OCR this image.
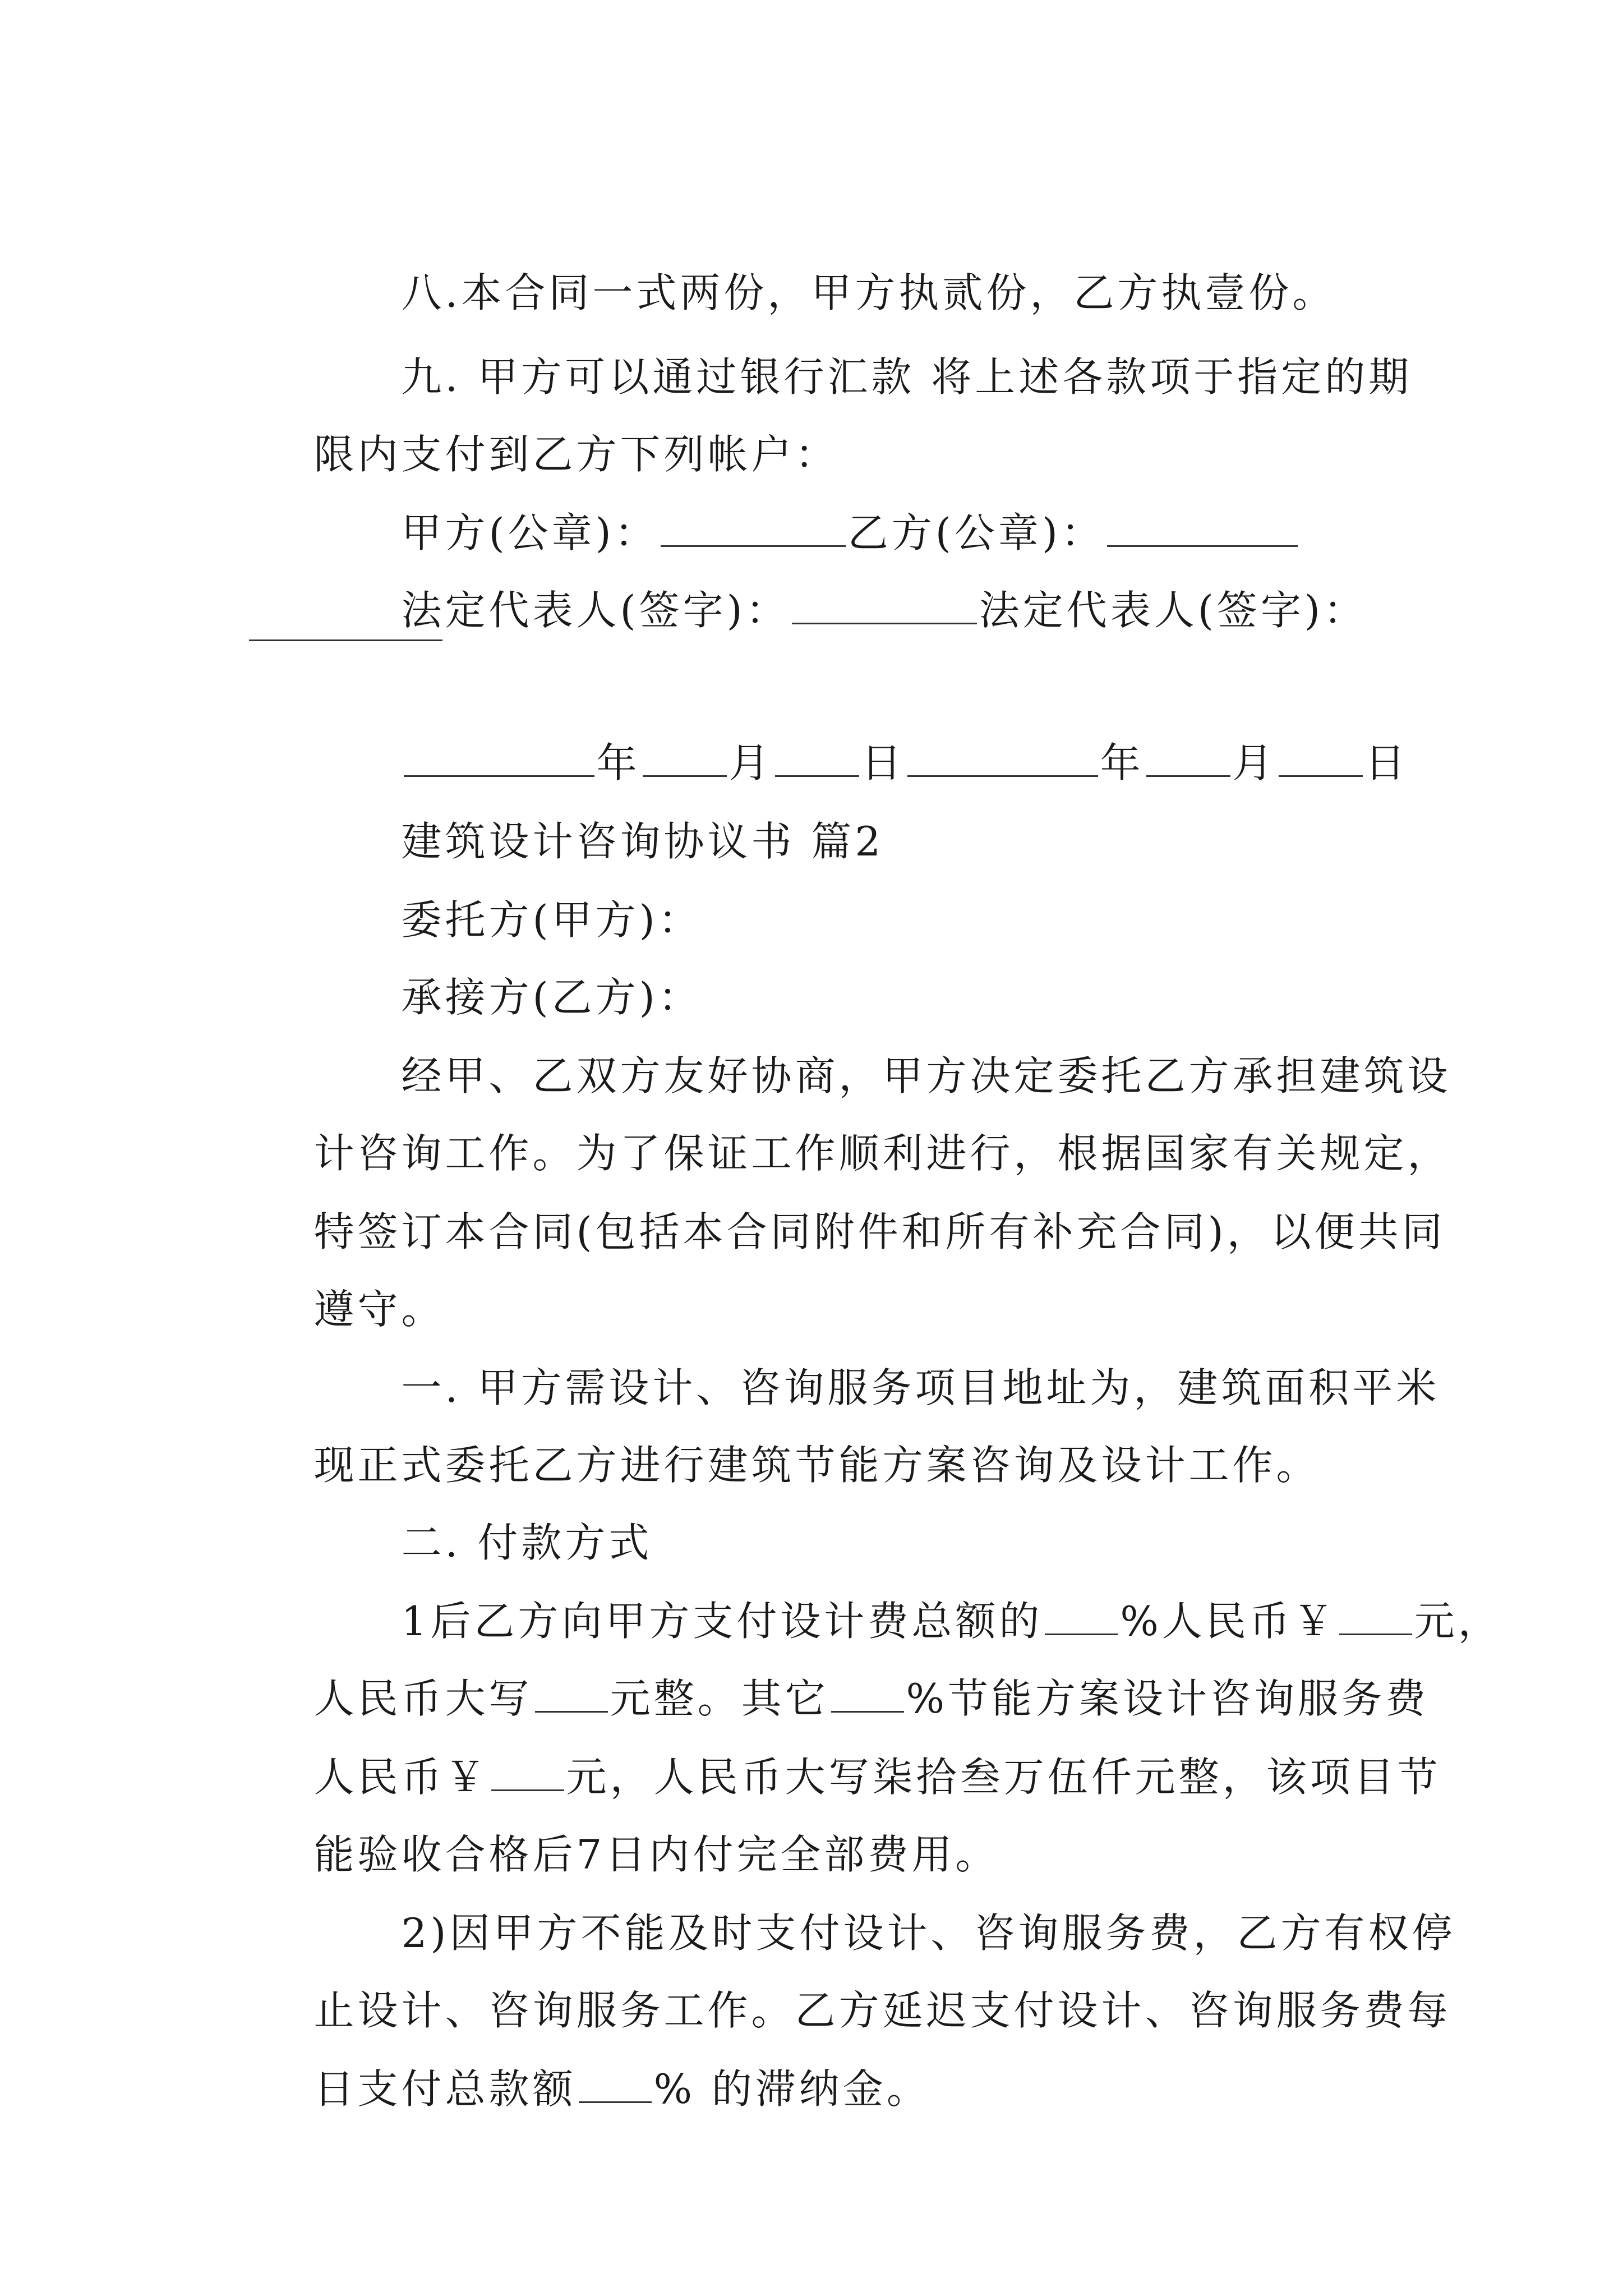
八.本合同一式两份，甲方执贰份，乙方执壹份。

九. 甲方可以通过银行汇款 将上述各款项于指定的期

限内支付到乙方下列帐户：

甲方(公章)：	乙方(公章)：

法定代表人(签字)：	法定代表人(签字)：

年 月 日	年 月 日

建筑设计咨询协议书 篇2

委托方(甲方)：

承接方(乙方)：

经甲、乙双方友好协商，甲方决定委托乙方承担建筑设

计咨询工作。为了保证工作顺利进行，根据国家有关规定，

特签订本合同(包括本合同附件和所有补充合同)，以便共同

遵守。

一. 甲方需设计、咨询服务项目地址为，建筑面积平米

现正式委托乙方进行建筑节能方案咨询及设计工作。

二. 付款方式

1后乙方向甲方支付设计费总额的 %人民币￥ 元，

人民币大写 元整。其它 %节能方案设计咨询服务费

人民币￥ 元，人民币大写柒拾叁万伍仟元整，该项目节

能验收合格后7日内付完全部费用。

2)因甲方不能及时支付设计、咨询服务费，乙方有权停

止设计、咨询服务工作。乙方延迟支付设计、咨询服务费每

日支付总款额 % 的滞纳金。
